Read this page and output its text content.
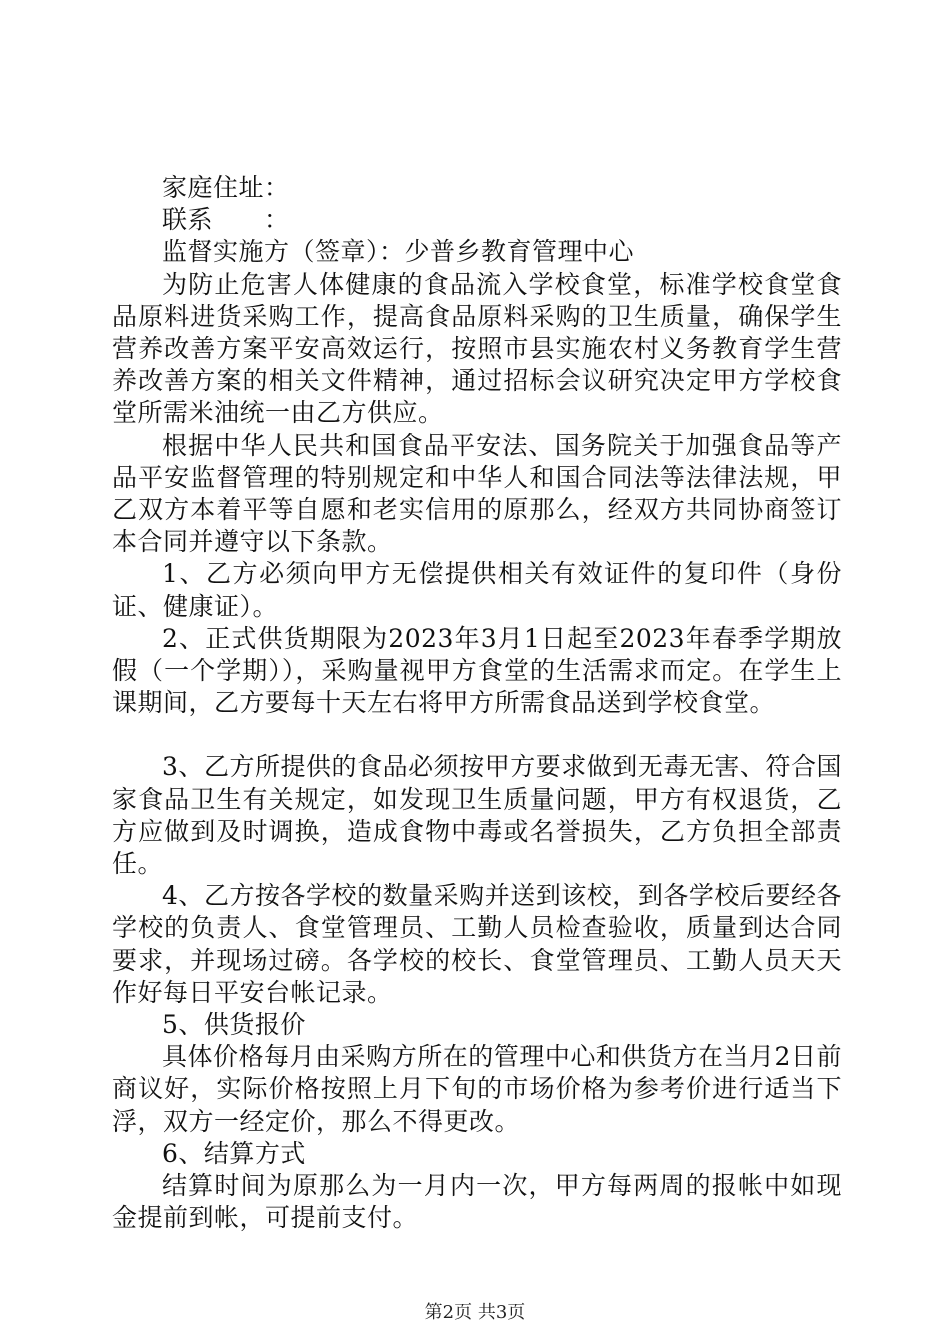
家庭住址：

联系　　：

监督实施方（签章）：少普乡教育管理中心

为防止危害人体健康的食品流入学校食堂，标准学校食堂食品原料进货采购工作，提高食品原料采购的卫生质量，确保学生营养改善方案平安高效运行，按照市县实施农村义务教育学生营养改善方案的相关文件精神，通过招标会议研究决定甲方学校食堂所需米油统一由乙方供应。

根据中华人民共和国食品平安法、国务院关于加强食品等产品平安监督管理的特别规定和中华人和国合同法等法律法规，甲乙双方本着平等自愿和老实信用的原那么，经双方共同协商签订本合同并遵守以下条款。

1、乙方必须向甲方无偿提供相关有效证件的复印件（身份证、健康证）。

2、正式供货期限为2023年3月1日起至2023年春季学期放假（一个学期）），采购量视甲方食堂的生活需求而定。在学生上课期间，乙方要每十天左右将甲方所需食品送到学校食堂。

3、乙方所提供的食品必须按甲方要求做到无毒无害、符合国家食品卫生有关规定，如发现卫生质量问题，甲方有权退货，乙方应做到及时调换，造成食物中毒或名誉损失，乙方负担全部责任。

4、乙方按各学校的数量采购并送到该校，到各学校后要经各学校的负责人、食堂管理员、工勤人员检查验收，质量到达合同要求，并现场过磅。各学校的校长、食堂管理员、工勤人员天天作好每日平安台帐记录。

5、供货报价

具体价格每月由采购方所在的管理中心和供货方在当月2日前商议好，实际价格按照上月下旬的市场价格为参考价进行适当下浮，双方一经定价，那么不得更改。

6、结算方式

结算时间为原那么为一月内一次，甲方每两周的报帐中如现金提前到帐，可提前支付。

第2页 共3页
